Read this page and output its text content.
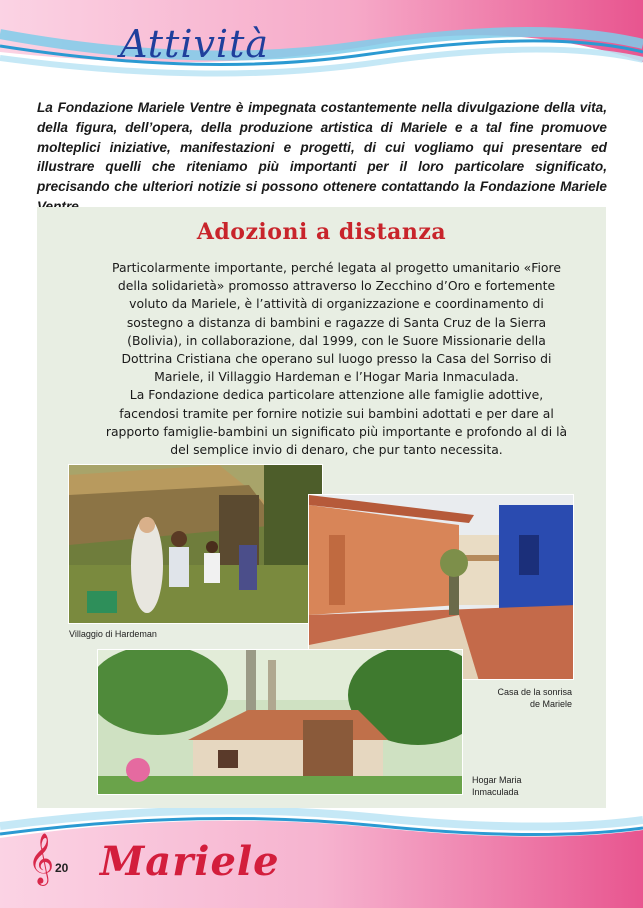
Attività

La Fondazione Mariele Ventre è impegnata costantemente nella divulgazione della vita, della figura, dell’opera, della produzione artistica di Mariele e a tal fine promuove molteplici iniziative, manifestazioni e progetti, di cui vogliamo qui presentare ed illustrare quelli che riteniamo più importanti per il loro particolare significato, precisando che ulteriori notizie si possono ottenere contattando la Fondazione Mariele

Adozioni a distanza

Particolarmente importante, perché legata al progetto umanitario «Fiore della solidarietà» promosso attraverso lo Zecchino d’Oro e fortemente voluto da Mariele, è l’attività di organizzazione e coordinamento di sostegno a distanza di bambini e ragazze di Santa Cruz de la Sierra (Bolivia), in collaborazione, dal 1999, con le Suore Missionarie della Dottrina Cristiana che operano sul luogo presso la Casa del Sorriso di Mariele, il Villaggio Hardeman e l’Hogar Maria Inmaculada.

La Fondazione dedica particolare attenzione alle famiglie adottive, facendosi tramite per fornire notizie sui bambini adottati e per dare al rapporto famiglie-bambini un significato più importante e profondo al di là del semplice invio di denaro, che pur tanto necessita.

Villaggio di Hardeman
Casa de la sonrisa
de Mariele
Hogar Maria
Inmaculada
𝄞 20 Mariele
